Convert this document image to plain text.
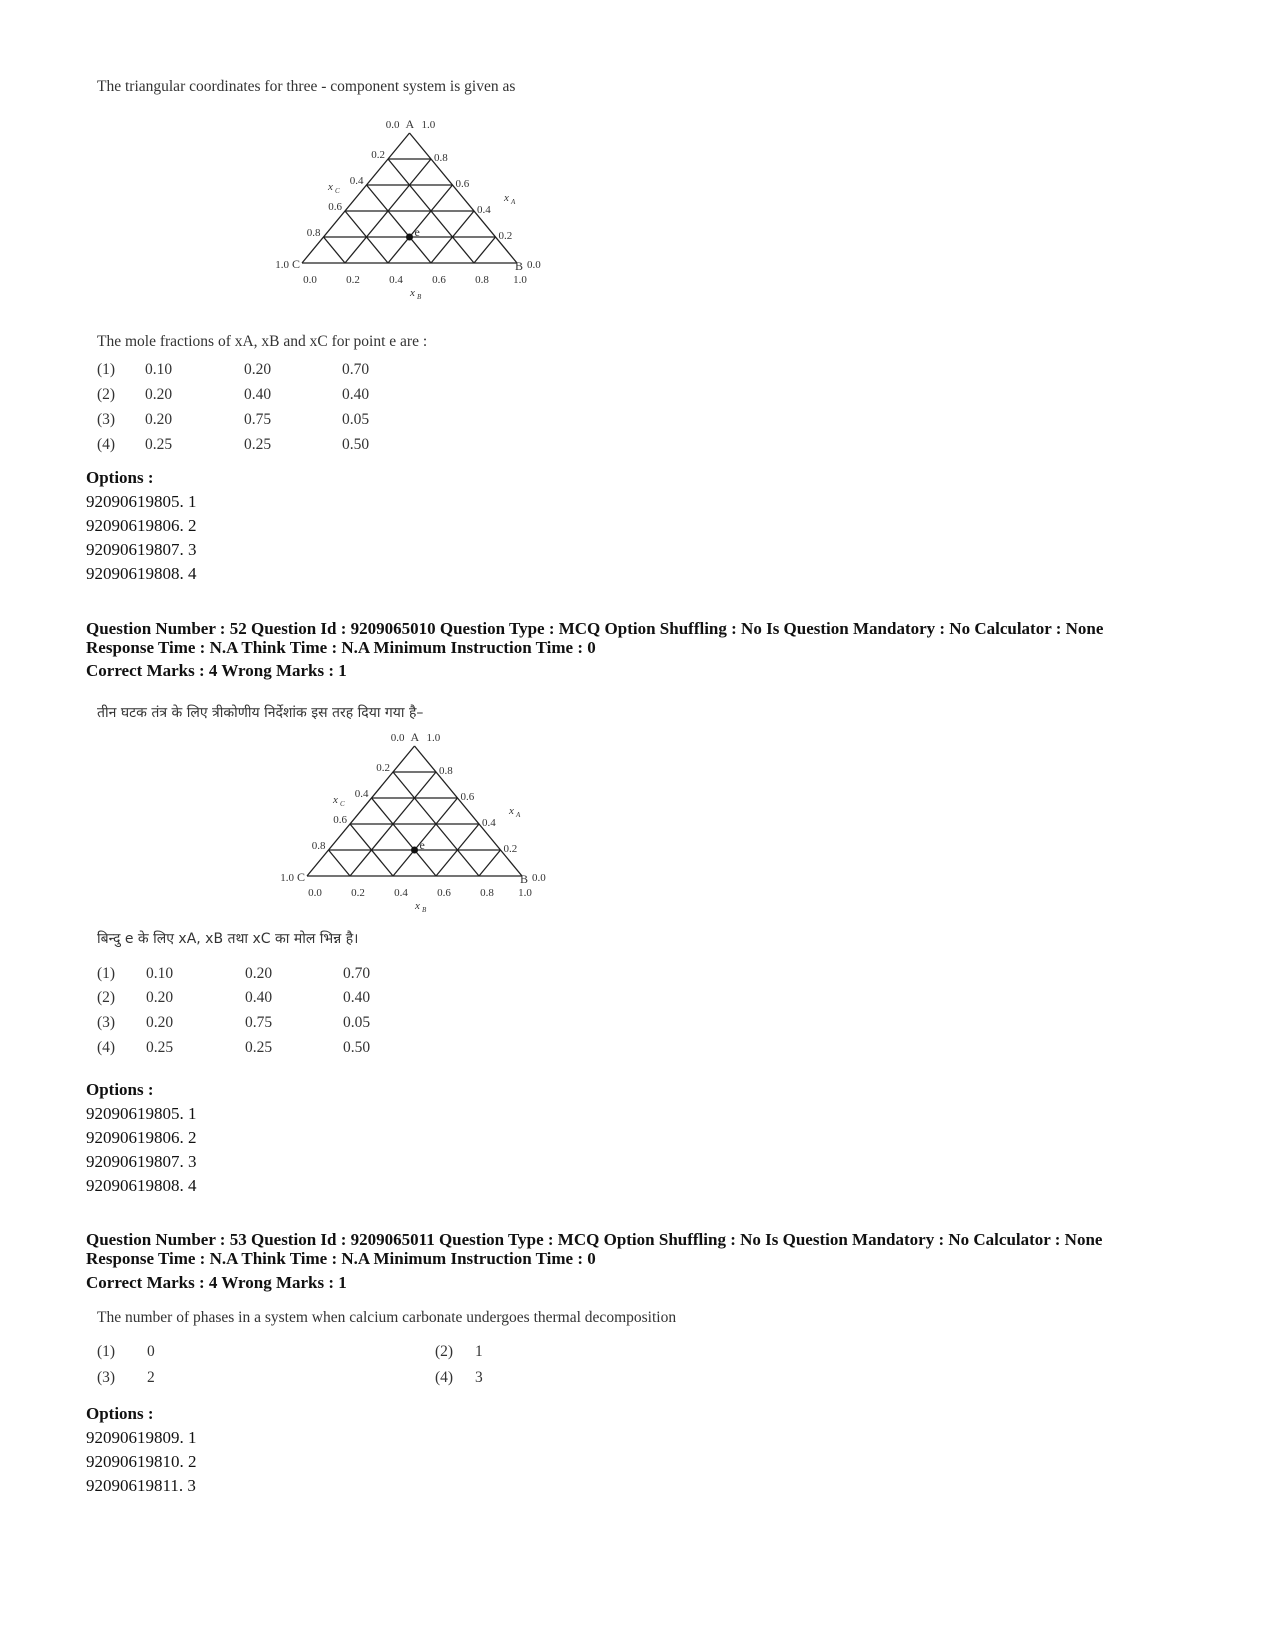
The triangular coordinates for three - component system is given as
e
A
0.0 1.0
B 0.0
1.0
C
1.0
0.2
0.4
0.6
0.8
0.8
0.6
0.4
0.2
0.0	0.2	0.4	0.6	0.8
x C
x A
x B
The mole fractions of xA, xB and xC for point e are :
(1) 0.10	0.20	0.70
(2) 0.20	0.40	0.40
(3) 0.20	0.75	0.05
(4) 0.25	0.25	0.50
Options :
92090619805. 1
92090619806. 2
92090619807. 3
92090619808. 4
Question Number : 52 Question Id : 9209065010 Question Type : MCQ Option Shuffling : No Is Question Mandatory : No Calculator : None
Response Time : N.A Think Time : N.A Minimum Instruction Time : 0
Correct Marks : 4 Wrong Marks : 1
तीन घटक तंत्र के लिए त्रीकोणीय निर्देशांक इस तरह दिया गया है–
e
A
0.0 1.0
B 0.0
1.0
C
1.0
0.2
0.4
0.6
0.8
0.8
0.6
0.4
0.2
0.0	0.2	0.4	0.6	0.8
x C
x A
x B
बिन्दु e के लिए xA, xB तथा xC का मोल भिन्न है।
(1) 0.10	0.20	0.70
(2) 0.20	0.40	0.40
(3) 0.20	0.75	0.05
(4) 0.25	0.25	0.50
Options :
92090619805. 1
92090619806. 2
92090619807. 3
92090619808. 4
Question Number : 53 Question Id : 9209065011 Question Type : MCQ Option Shuffling : No Is Question Mandatory : No Calculator : None
Response Time : N.A Think Time : N.A Minimum Instruction Time : 0
Correct Marks : 4 Wrong Marks : 1
The number of phases in a system when calcium carbonate undergoes thermal decomposition
(1) 0	(2) 1
(3) 2	(4) 3
Options :
92090619809. 1
92090619810. 2
92090619811. 3
